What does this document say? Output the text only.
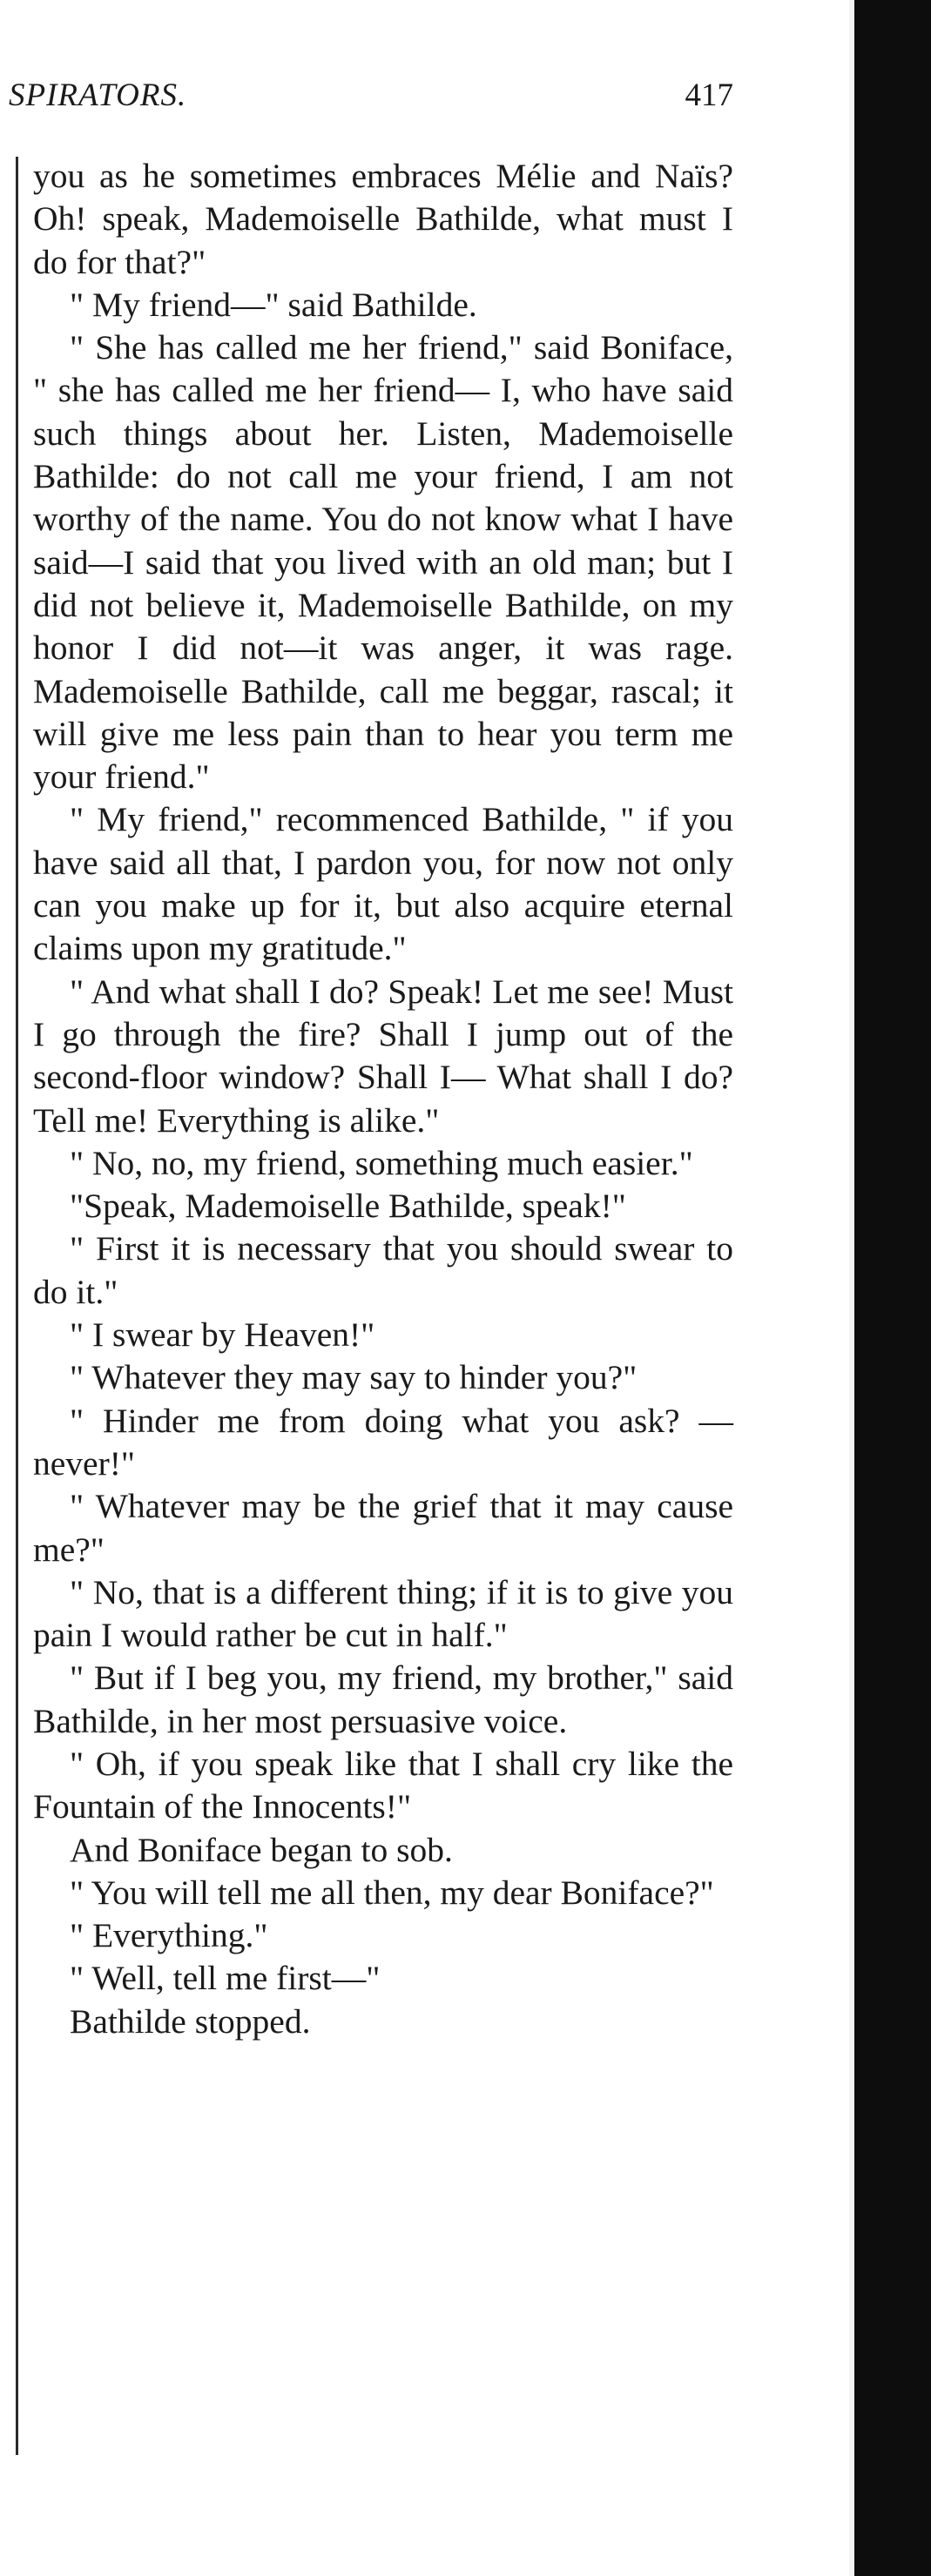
SPIRATORS.	417

you as he sometimes embraces Mélie and Naïs? Oh! speak, Mademoiselle Bathilde, what must I do for that?"

" My friend—" said Bathilde.

" She has called me her friend," said Boniface, " she has called me her friend— I, who have said such things about her. Listen, Mademoiselle Bathilde: do not call me your friend, I am not worthy of the name. You do not know what I have said—I said that you lived with an old man; but I did not believe it, Mademoiselle Bathilde, on my honor I did not—it was anger, it was rage. Mademoiselle Bathilde, call me beggar, rascal; it will give me less pain than to hear you term me your friend."

" My friend," recommenced Bathilde, " if you have said all that, I pardon you, for now not only can you make up for it, but also acquire eternal claims upon my gratitude."

" And what shall I do? Speak! Let me see! Must I go through the fire? Shall I jump out of the second-floor window? Shall I— What shall I do? Tell me! Everything is alike."

" No, no, my friend, something much easier."

"Speak, Mademoiselle Bathilde, speak!"

" First it is necessary that you should swear to do it."

" I swear by Heaven!"

" Whatever they may say to hinder you?"

" Hinder me from doing what you ask? —never!"

" Whatever may be the grief that it may cause me?"

" No, that is a different thing; if it is to give you pain I would rather be cut in half."

" But if I beg you, my friend, my brother," said Bathilde, in her most persuasive voice.

" Oh, if you speak like that I shall cry like the Fountain of the Innocents!"

And Boniface began to sob.

" You will tell me all then, my dear Boniface?"

" Everything."

" Well, tell me first—"

Bathilde stopped.
